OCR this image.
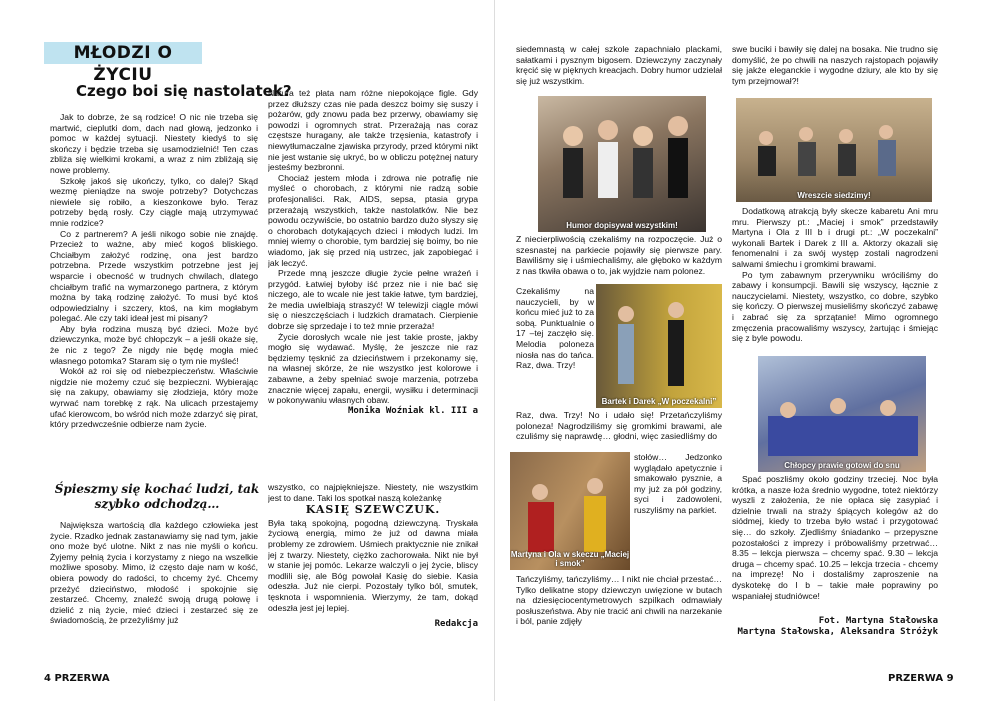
MŁODZI O ŻYCIU
Czego boi się nastolatek?

Jak to dobrze, że są rodzice! O nic nie trzeba się martwić, cieplutki dom, dach nad głową, jedzonko i pomoc w każdej sytuacji. Niestety kiedyś to się skończy i będzie trzeba się usamodzielnić! Ten czas zbliża się wielkimi krokami, a wraz z nim zbliżają się nowe problemy.

Szkołę jakoś się ukończy, tylko, co dalej? Skąd wezmę pieniądze na swoje potrzeby? Dotychczas niewiele się robiło, a kieszonkowe było. Teraz potrzeby będą rosły. Czy ciągle mają utrzymywać mnie rodzice?

Co z partnerem? A jeśli nikogo sobie nie znajdę. Przecież to ważne, aby mieć kogoś bliskiego. Chciałbym założyć rodzinę, ona jest bardzo potrzebna. Przede wszystkim potrzebne jest jej wsparcie i obecność w trudnych chwilach, dlatego chciałbym trafić na wymarzonego partnera, z którym można by taką rodzinę założyć. To musi być ktoś odpowiedzialny i szczery, ktoś, na kim mogłabym polegać. Ale czy taki ideał jest mi pisany?

Aby była rodzina muszą być dzieci. Może być dziewczynka, może być chłopczyk – a jeśli okaże się, że nic z tego? Że nigdy nie będę mogła mieć własnego potomka? Staram się o tym nie myśleć!

Wokół aż roi się od niebezpieczeństw. Właściwie nigdzie nie możemy czuć się bezpieczni. Wybierając się na zakupy, obawiamy się złodzieja, który może wyrwać nam torebkę z rąk. Na ulicach przestajemy ufać kierowcom, bo wśród nich może zdarzyć się pirat, który przedwcześnie odbierze nam życie.

Natura też płata nam różne niepokojące figle. Gdy przez dłuższy czas nie pada deszcz boimy się suszy i pożarów, gdy znowu pada bez przerwy, obawiamy się powodzi i ogromnych strat. Przerażają nas coraz częstsze huragany, ale także trzęsienia, katastrofy i niewytłumaczalne zjawiska przyrody, przed którymi nikt nie jest wstanie się ukryć, bo w obliczu potężnej natury jesteśmy bezbronni.

Chociaż jestem młoda i zdrowa nie potrafię nie myśleć o chorobach, z którymi nie radzą sobie profesjonaliści. Rak, AIDS, sepsa, ptasia grypa przerażają wszystkich, także nastolatków. Nie bez powodu oczywiście, bo ostatnio bardzo dużo słyszy się o chorobach dotykających dzieci i młodych ludzi. Im mniej wiemy o chorobie, tym bardziej się boimy, bo nie wiadomo, jak się przed nią ustrzec, jak zapobiegać i jak leczyć.

Przede mną jeszcze długie życie pełne wrażeń i przygód. Łatwiej byłoby iść przez nie i nie bać się niczego, ale to wcale nie jest takie łatwe, tym bardziej, że media uwielbiają straszyć! W telewizji ciągle mówi się o nieszczęściach i ludzkich dramatach. Cierpienie dobrze się sprzedaje i to też mnie przeraża!

Życie dorosłych wcale nie jest takie proste, jakby mogło się wydawać. Myślę, że jeszcze nie raz będziemy tęsknić za dzieciństwem i przekonamy się, na własnej skórze, że nie wszystko jest kolorowe i zabawne, a żeby spełniać swoje marzenia, potrzeba znacznie więcej zapału, energii, wysiłku i determinacji w pokonywaniu własnych obaw.

Monika Woźniak kl. III a
Śpieszmy się kochać ludzi, tak szybko odchodzą…

Największa wartością dla każdego człowieka jest życie. Rzadko jednak zastanawiamy się nad tym, jakie ono może być ulotne. Nikt z nas nie myśli o końcu. Żyjemy pełnią życia i korzystamy z niego na wszelkie możliwe sposoby. Mimo, iż często daje nam w kość, obiera powody do radości, to chcemy żyć. Chcemy przeżyć dzieciństwo, młodość i spokojnie się zestarzeć. Chcemy, znaleźć swoją drugą połowę i dzielić z nią życie, mieć dzieci i zestarzeć się ze świadomością, że przeżyliśmy już

wszystko, co najpiękniejsze. Niestety, nie wszystkim jest to dane. Taki los spotkał naszą koleżankę

KASIĘ SZEWCZUK.

Była taką spokojną, pogodną dziewczyną. Tryskała życiową energią, mimo że już od dawna miała problemy ze zdrowiem. Uśmiech praktycznie nie znikał jej z twarzy. Niestety, ciężko zachorowała. Nikt nie był w stanie jej pomóc. Lekarze walczyli o jej życie, bliscy modlili się, ale Bóg powołał Kasię do siebie. Kasia odeszła. Już nie cierpi. Pozostały tylko ból, smutek, tęsknota i wspomnienia. Wierzymy, że tam, dokąd odeszła jest jej lepiej.

Redakcja
4 PRZERWA

siedemnastą w całej szkole zapachniało plackami, sałatkami i pysznym bigosem. Dziewczyny zaczynały kręcić się w pięknych kreacjach. Dobry humor udzielał się już wszystkim.

Humor dopisywał wszystkim!

Z niecierpliwością czekaliśmy na rozpoczęcie. Już o szesnastej na parkiecie pojawiły się pierwsze pary. Bawiliśmy się i uśmiechaliśmy, ale głęboko w każdym z nas tkwiła obawa o to, jak wyjdzie nam polonez.

Czekaliśmy na nauczycieli, by w końcu mieć już to za sobą. Punktualnie o 17 –tej zaczęło się. Melodia poloneza niosła nas do tańca. Raz, dwa. Trzy!

Bartek i Darek „W poczekalni”

Raz, dwa. Trzy! No i udało się! Przetańczyliśmy poloneza! Nagrodziliśmy się gromkimi brawami, ale czuliśmy się naprawdę… głodni, więc zasiedliśmy do

Martyna i Ola w skeczu „Maciej i smok”

stołów… Jedzonko wyglądało apetycznie i smakowało pysznie, a my już za pół godziny, syci i zadowoleni, ruszyliśmy na parkiet.

Tańczyliśmy, tańczyliśmy… I nikt nie chciał przestać… Tylko delikatne stopy dziewczyn uwięzione w butach na dziesięciocentymetrowych szpilkach odmawiały posłuszeństwa. Aby nie tracić ani chwili na narzekanie i ból, panie zdjęły

swe buciki i bawiły się dalej na bosaka. Nie trudno się domyślić, że po chwili na naszych rajstopach pojawiły się jakże eleganckie i wygodne dziury, ale kto by się tym przejmował?!

Wreszcie siedzimy!

Dodatkową atrakcją były skecze kabaretu Ani mru mru. Pierwszy pt.: „Maciej i smok” przedstawiły Martyna i Ola z III b i drugi pt.: „W poczekalni” wykonali Bartek i Darek z III a. Aktorzy okazali się fenomenalni i za swój występ zostali nagrodzeni salwami śmiechu i gromkimi brawami.

Po tym zabawnym przerywniku wróciliśmy do zabawy i konsumpcji. Bawili się wszyscy, łącznie z nauczycielami. Niestety, wszystko, co dobre, szybko się kończy. O pierwszej musieliśmy skończyć zabawę i zabrać się za sprzątanie! Mimo ogromnego zmęczenia pracowaliśmy wszyscy, żartując i śmiejąc się z byle powodu.

Chłopcy prawie gotowi do snu

Spać poszliśmy około godziny trzeciej. Noc była krótka, a nasze łoża średnio wygodne, toteż niektórzy wyszli z założenia, że nie opłaca się zasypiać i dzielnie trwali na straży śpiących kolegów aż do siódmej, kiedy to trzeba było wstać i przygotować się… do szkoły. Zjedliśmy śniadanko – przepyszne pozostałości z imprezy i próbowaliśmy przetrwać…8.35 – lekcja pierwsza – chcemy spać. 9.30 – lekcja druga – chcemy spać. 10.25 – lekcja trzecia - chcemy na imprezę! No i dostaliśmy zaproszenie na dyskotekę do I b – takie małe poprawiny po wspaniałej studniówce!

Fot. Martyna Stałowska
Martyna Stałowska, Aleksandra Stróżyk
PRZERWA 9
